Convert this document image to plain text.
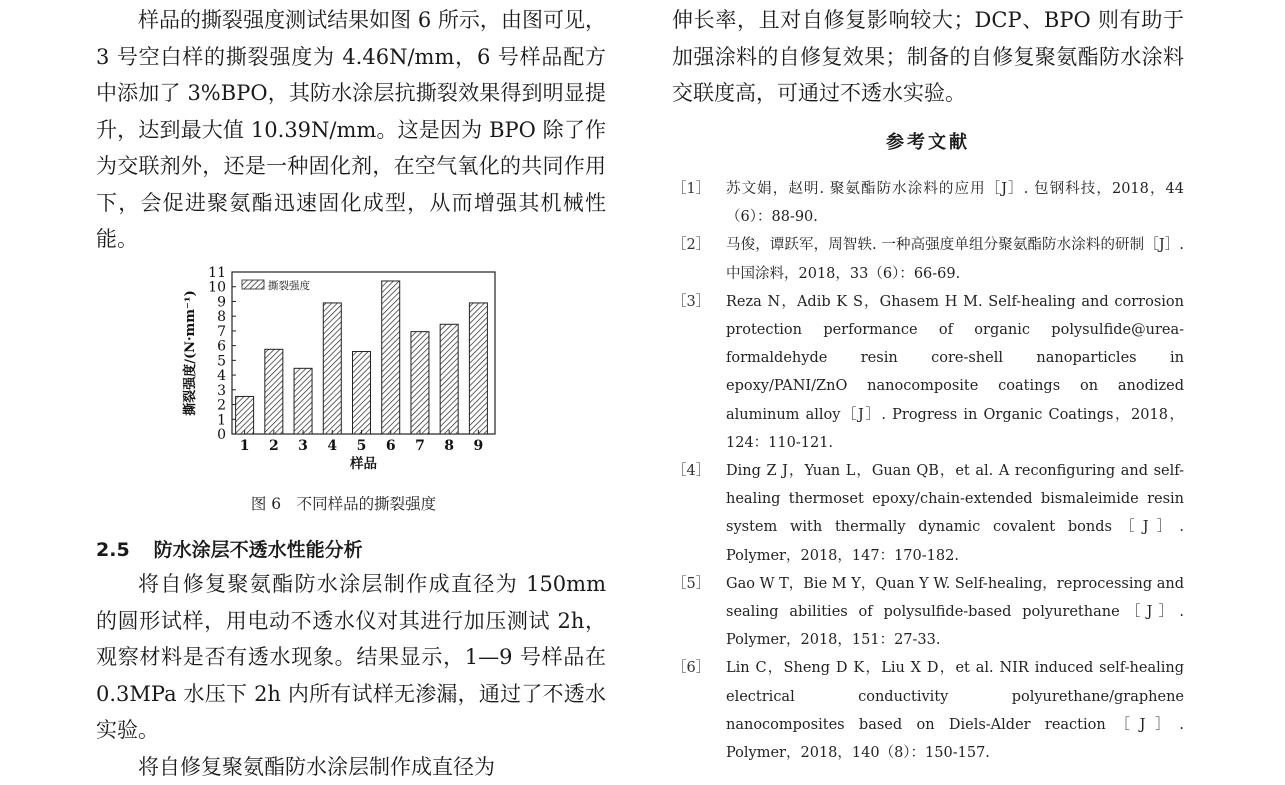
样品的撕裂强度测试结果如图 6 所示，由图可见，3 号空白样的撕裂强度为 4.46N/mm，6 号样品配方中添加了 3%BPO，其防水涂层抗撕裂效果得到明显提升，达到最大值 10.39N/mm。这是因为 BPO 除了作为交联剂外，还是一种固化剂，在空气氧化的共同作用下，会促进聚氨酯迅速固化成型，从而增强其机械性能。

0
1
2
3
4
5
6
7
8
9
10
11
1 2 3 4 5 6 7 8 9
撕裂强度
样品
撕裂强度/(N·mm⁻¹)
图 6　不同样品的撕裂强度
2.5 防水涂层不透水性能分析

将自修复聚氨酯防水涂层制作成直径为 150mm 的圆形试样，用电动不透水仪对其进行加压测试 2h，观察材料是否有透水现象。结果显示，1—9 号样品在 0.3MPa 水压下 2h 内所有试样无渗漏，通过了不透水实验。

将自修复聚氨酯防水涂层制作成直径为

伸长率，且对自修复影响较大；DCP、BPO 则有助于加强涂料的自修复效果；制备的自修复聚氨酯防水涂料交联度高，可通过不透水实验。

参考文献
［1］	苏文娟，赵明. 聚氨酯防水涂料的应用［J］. 包钢科技，2018，44（6）：88-90.
［2］	马俊，谭跃军，周智轶. 一种高强度单组分聚氨酯防水涂料的研制［J］. 中国涂料，2018，33（6）：66-69.
［3］	Reza N，Adib K S，Ghasem H M. Self-healing and corrosion protection performance of organic polysulfide@urea-formaldehyde resin core-shell nanoparticles in epoxy/PANI/ZnO nanocomposite coatings on anodized aluminum alloy［J］. Progress in Organic Coatings，2018，124：110-121.
［4］	Ding Z J，Yuan L，Guan QB，et al. A reconfiguring and self-healing thermoset epoxy/chain-extended bismaleimide resin system with thermally dynamic covalent bonds［J］. Polymer，2018，147：170-182.
［5］	Gao W T，Bie M Y，Quan Y W. Self-healing，reprocessing and sealing abilities of polysulfide-based polyurethane［J］. Polymer，2018，151：27-33.
［6］	Lin C，Sheng D K，Liu X D，et al. NIR induced self-healing electrical conductivity polyurethane/graphene nanocomposites based on Diels-Alder reaction［J］. Polymer，2018，140（8）：150-157.
